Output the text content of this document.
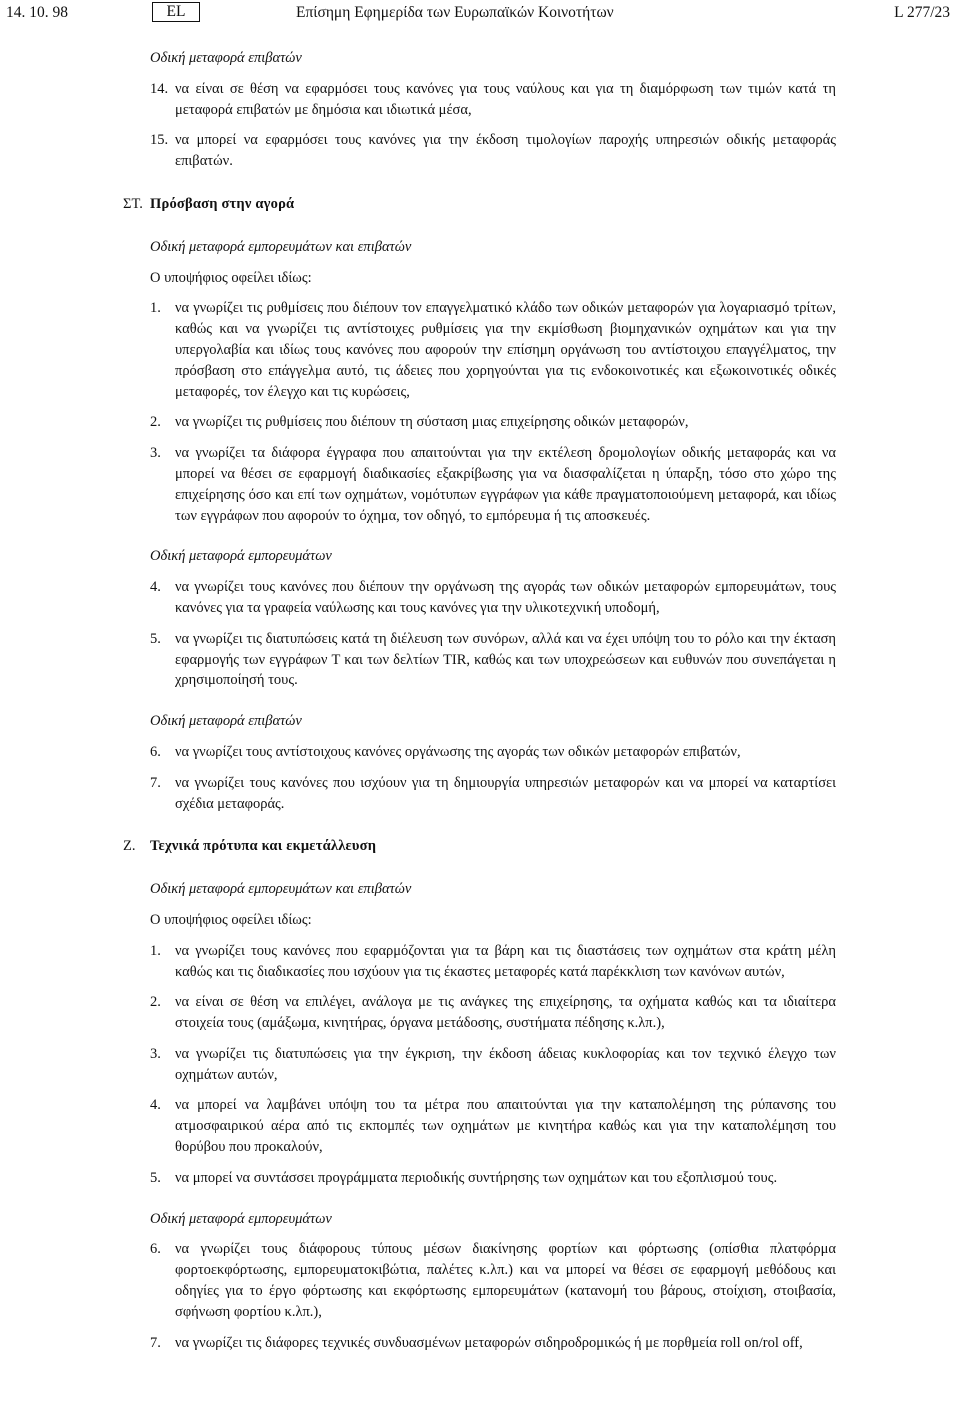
14. 10. 98	EL	Επίσημη Εφημερίδα των Ευρωπαϊκών Κοινοτήτων	L 277/23
Οδική μεταφορά επιβατών
14. να είναι σε θέση να εφαρμόσει τους κανόνες για τους ναύλους και για τη διαμόρφωση των τιμών κατά τη μεταφορά επιβατών με δημόσια και ιδιωτικά μέσα,
15. να μπορεί να εφαρμόσει τους κανόνες για την έκδοση τιμολογίων παροχής υπηρεσιών οδικής μεταφοράς επιβατών.
ΣΤ. Πρόσβαση στην αγορά
Οδική μεταφορά εμπορευμάτων και επιβατών
Ο υποψήφιος οφείλει ιδίως:
1. να γνωρίζει τις ρυθμίσεις που διέπουν τον επαγγελματικό κλάδο των οδικών μεταφορών για λογαριασμό τρίτων, καθώς και να γνωρίζει τις αντίστοιχες ρυθμίσεις για την εκμίσθωση βιομηχανικών οχημάτων και για την υπεργολαβία και ιδίως τους κανόνες που αφορούν την επίσημη οργάνωση του αντίστοιχου επαγγέλματος, την πρόσβαση στο επάγγελμα αυτό, τις άδειες που χορηγούνται για τις ενδοκοινοτικές και εξωκοινοτικές οδικές μεταφορές, τον έλεγχο και τις κυρώσεις,
2. να γνωρίζει τις ρυθμίσεις που διέπουν τη σύσταση μιας επιχείρησης οδικών μεταφορών,
3. να γνωρίζει τα διάφορα έγγραφα που απαιτούνται για την εκτέλεση δρομολογίων οδικής μεταφοράς και να μπορεί να θέσει σε εφαρμογή διαδικασίες εξακρίβωσης για να διασφαλίζεται η ύπαρξη, τόσο στο χώρο της επιχείρησης όσο και επί των οχημάτων, νομότυπων εγγράφων για κάθε πραγματοποιούμενη μεταφορά, και ιδίως των εγγράφων που αφορούν το όχημα, τον οδηγό, το εμπόρευμα ή τις αποσκευές.
Οδική μεταφορά εμπορευμάτων
4. να γνωρίζει τους κανόνες που διέπουν την οργάνωση της αγοράς των οδικών μεταφορών εμπορευμάτων, τους κανόνες για τα γραφεία ναύλωσης και τους κανόνες για την υλικοτεχνική υποδομή,
5. να γνωρίζει τις διατυπώσεις κατά τη διέλευση των συνόρων, αλλά και να έχει υπόψη του το ρόλο και την έκταση εφαρμογής των εγγράφων T και των δελτίων TIR, καθώς και των υποχρεώσεων και ευθυνών που συνεπάγεται η χρησιμοποίησή τους.
Οδική μεταφορά επιβατών
6. να γνωρίζει τους αντίστοιχους κανόνες οργάνωσης της αγοράς των οδικών μεταφορών επιβατών,
7. να γνωρίζει τους κανόνες που ισχύουν για τη δημιουργία υπηρεσιών μεταφορών και να μπορεί να καταρτίσει σχέδια μεταφοράς.
Ζ.	Τεχνικά πρότυπα και εκμετάλλευση
Οδική μεταφορά εμπορευμάτων και επιβατών
Ο υποψήφιος οφείλει ιδίως:
1. να γνωρίζει τους κανόνες που εφαρμόζονται για τα βάρη και τις διαστάσεις των οχημάτων στα κράτη μέλη καθώς και τις διαδικασίες που ισχύουν για τις έκαστες μεταφορές κατά παρέκκλιση των κανόνων αυτών,
2. να είναι σε θέση να επιλέγει, ανάλογα με τις ανάγκες της επιχείρησης, τα οχήματα καθώς και τα ιδιαίτερα στοιχεία τους (αμάξωμα, κινητήρας, όργανα μετάδοσης, συστήματα πέδησης κ.λπ.),
3. να γνωρίζει τις διατυπώσεις για την έγκριση, την έκδοση άδειας κυκλοφορίας και τον τεχνικό έλεγχο των οχημάτων αυτών,
4. να μπορεί να λαμβάνει υπόψη του τα μέτρα που απαιτούνται για την καταπολέμηση της ρύπανσης του ατμοσφαιρικού αέρα από τις εκπομπές των οχημάτων με κινητήρα καθώς και για την καταπολέμηση του θορύβου που προκαλούν,
5. να μπορεί να συντάσσει προγράμματα περιοδικής συντήρησης των οχημάτων και του εξοπλισμού τους.
Οδική μεταφορά εμπορευμάτων
6. να γνωρίζει τους διάφορους τύπους μέσων διακίνησης φορτίων και φόρτωσης (οπίσθια πλατφόρμα φορτοεκφόρτωσης, εμπορευματοκιβώτια, παλέτες κ.λπ.) και να μπορεί να θέσει σε εφαρμογή μεθόδους και οδηγίες για το έργο φόρτωσης και εκφόρτωσης εμπορευμάτων (κατανομή του βάρους, στοίχιση, στοιβασία, σφήνωση φορτίου κ.λπ.),
7. να γνωρίζει τις διάφορες τεχνικές συνδυασμένων μεταφορών σιδηροδρομικώς ή με πορθμεία roll on/rol off,
